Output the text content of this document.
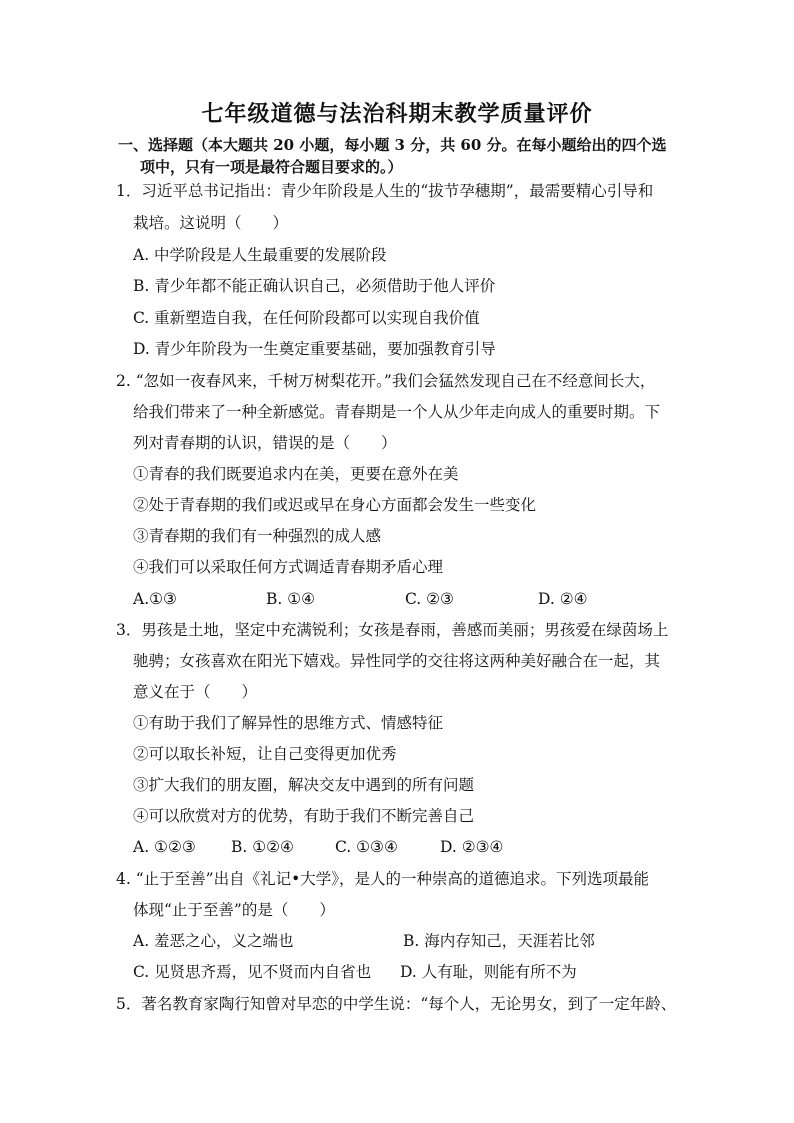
七年级道德与法治科期末教学质量评价
一、选择题（本大题共 20 小题，每小题 3 分，共 60 分。在每小题给出的四个选
项中，只有一项是最符合题目要求的。）
1．习近平总书记指出：青少年阶段是人生的“拔节孕穗期”，最需要精心引导和
栽培。这说明（　　）
A. 中学阶段是人生最重要的发展阶段
B. 青少年都不能正确认识自己，必须借助于他人评价
C. 重新塑造自我，在任何阶段都可以实现自我价值
D. 青少年阶段为一生奠定重要基础，要加强教育引导
2. “忽如一夜春风来，千树万树梨花开。”我们会猛然发现自己在不经意间长大，
给我们带来了一种全新感觉。青春期是一个人从少年走向成人的重要时期。下
列对青春期的认识，错误的是（　　）
①青春的我们既要追求内在美，更要在意外在美
②处于青春期的我们或迟或早在身心方面都会发生一些变化
③青春期的我们有一种强烈的成人感
④我们可以采取任何方式调适青春期矛盾心理
A.①③	B. ①④	C. ②③	D. ②④
3．男孩是土地，坚定中充满锐利；女孩是春雨，善感而美丽；男孩爱在绿茵场上
驰骋；女孩喜欢在阳光下嬉戏。异性同学的交往将这两种美好融合在一起，其
意义在于（　　）
①有助于我们了解异性的思维方式、情感特征
②可以取长补短，让自己变得更加优秀
③扩大我们的朋友圈，解决交友中遇到的所有问题
④可以欣赏对方的优势，有助于我们不断完善自己
A. ①②③ B. ①②④	C. ①③④	D. ②③④
4. “止于至善”出自《礼记•大学》，是人的一种崇高的道德追求。下列选项最能
体现“止于至善”的是（　　）
A. 羞恶之心，义之端也	B. 海内存知己，天涯若比邻
C. 见贤思齐焉，见不贤而内自省也 D. 人有耻，则能有所不为
5．著名教育家陶行知曾对早恋的中学生说：“每个人，无论男女，到了一定年龄、
